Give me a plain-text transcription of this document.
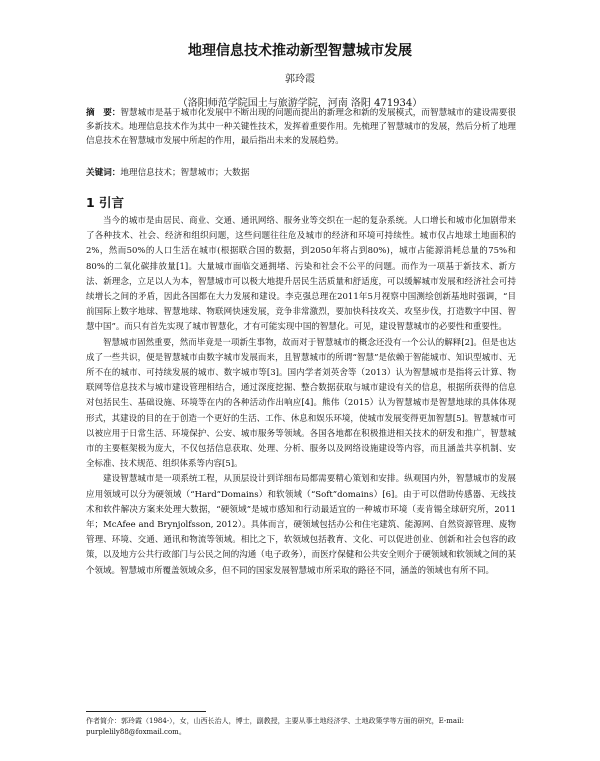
地理信息技术推动新型智慧城市发展

郭玲霞

（洛阳师范学院国土与旅游学院，河南 洛阳 471934）

摘　要：智慧城市是基于城市化发展中不断出现的问题而提出的新理念和新的发展模式，而智慧城市的建设需要很多新技术。地理信息技术作为其中一种关键性技术，发挥着重要作用。先梳理了智慧城市的发展，然后分析了地理信息技术在智慧城市发展中所起的作用，最后指出未来的发展趋势。

关键词：地理信息技术；智慧城市；大数据

1 引言

当今的城市是由居民、商业、交通、通讯网络、服务业等交织在一起的复杂系统。人口增长和城市化加剧带来了各种技术、社会、经济和组织问题，这些问题往往危及城市的经济和环境可持续性。城市仅占地球土地面积的2%，然而50%的人口生活在城市(根据联合国的数据，到2050年将占到80%)，城市占能源消耗总量的75%和80%的二氧化碳排放量[1]。大量城市面临交通拥堵、污染和社会不公平的问题。而作为一项基于新技术、新方法、新理念，立足以人为本，智慧城市可以极大地提升居民生活质量和舒适度，可以缓解城市发展和经济社会可持续增长之间的矛盾，因此各国都在大力发展和建设。李克强总理在2011年5月视察中国测绘创新基地时强调，“目前国际上数字地球、智慧地球、物联网快速发展，竞争非常激烈，要加快科技攻关、攻坚步伐，打造数字中国、智慧中国”。而只有首先实现了城市智慧化，才有可能实现中国的智慧化。可见，建设智慧城市的必要性和重要性。

智慧城市固然重要，然而毕竟是一项新生事物，故而对于智慧城市的概念还没有一个公认的解释[2]。但是也达成了一些共识，便是智慧城市由数字城市发展而来，且智慧城市的所谓“智慧”是依赖于智能城市、知识型城市、无所不在的城市、可持续发展的城市、数字城市等[3]。国内学者刘英舍等（2013）认为智慧城市是指将云计算、物联网等信息技术与城市建设管理相结合，通过深度挖掘、整合数据获取与城市建设有关的信息，根据所获得的信息对包括民生、基础设施、环境等在内的各种活动作出响应[4]。熊伟（2015）认为智慧城市是智慧地球的具体体现形式，其建设的目的在于创造一个更好的生活、工作、休息和娱乐环境，使城市发展变得更加智慧[5]。智慧城市可以被应用于日常生活、环境保护、公安、城市服务等领域。各国各地都在积极推进相关技术的研发和推广，智慧城市的主要框架极为庞大，不仅包括信息获取、处理、分析、服务以及网络设施建设等内容，而且涵盖共享机制、安全标准、技术规范、组织体系等内容[5]。

建设智慧城市是一项系统工程，从顶层设计到详细布局都需要精心策划和安排。纵观国内外，智慧城市的发展应用领域可以分为硬领域（“Hard”Domains）和软领域（“Soft”domains）[6]。由于可以借助传感器、无线技术和软件解决方案来处理大数据，“硬领域”是城市感知和行动最适宜的一种城市环境（麦肯锡全球研究所，2011年；McAfee and Brynjolfsson, 2012）。具体而言，硬领域包括办公和住宅建筑、能源网、自然资源管理、废物管理、环境、交通、通讯和物流等领域。相比之下，软领域包括教育、文化、可以促进创业、创新和社会包容的政策，以及地方公共行政部门与公民之间的沟通（电子政务），而医疗保健和公共安全则介于硬领域和软领域之间的某个领域。智慧城市所覆盖领域众多，但不同的国家发展智慧城市所采取的路径不同，涵盖的领域也有所不同。

作者简介：郭玲霞（1984-），女，山西长治人，博士，副教授，主要从事土地经济学、土地政策学等方面的研究，E-mail: purplelily88@foxmail.com。
